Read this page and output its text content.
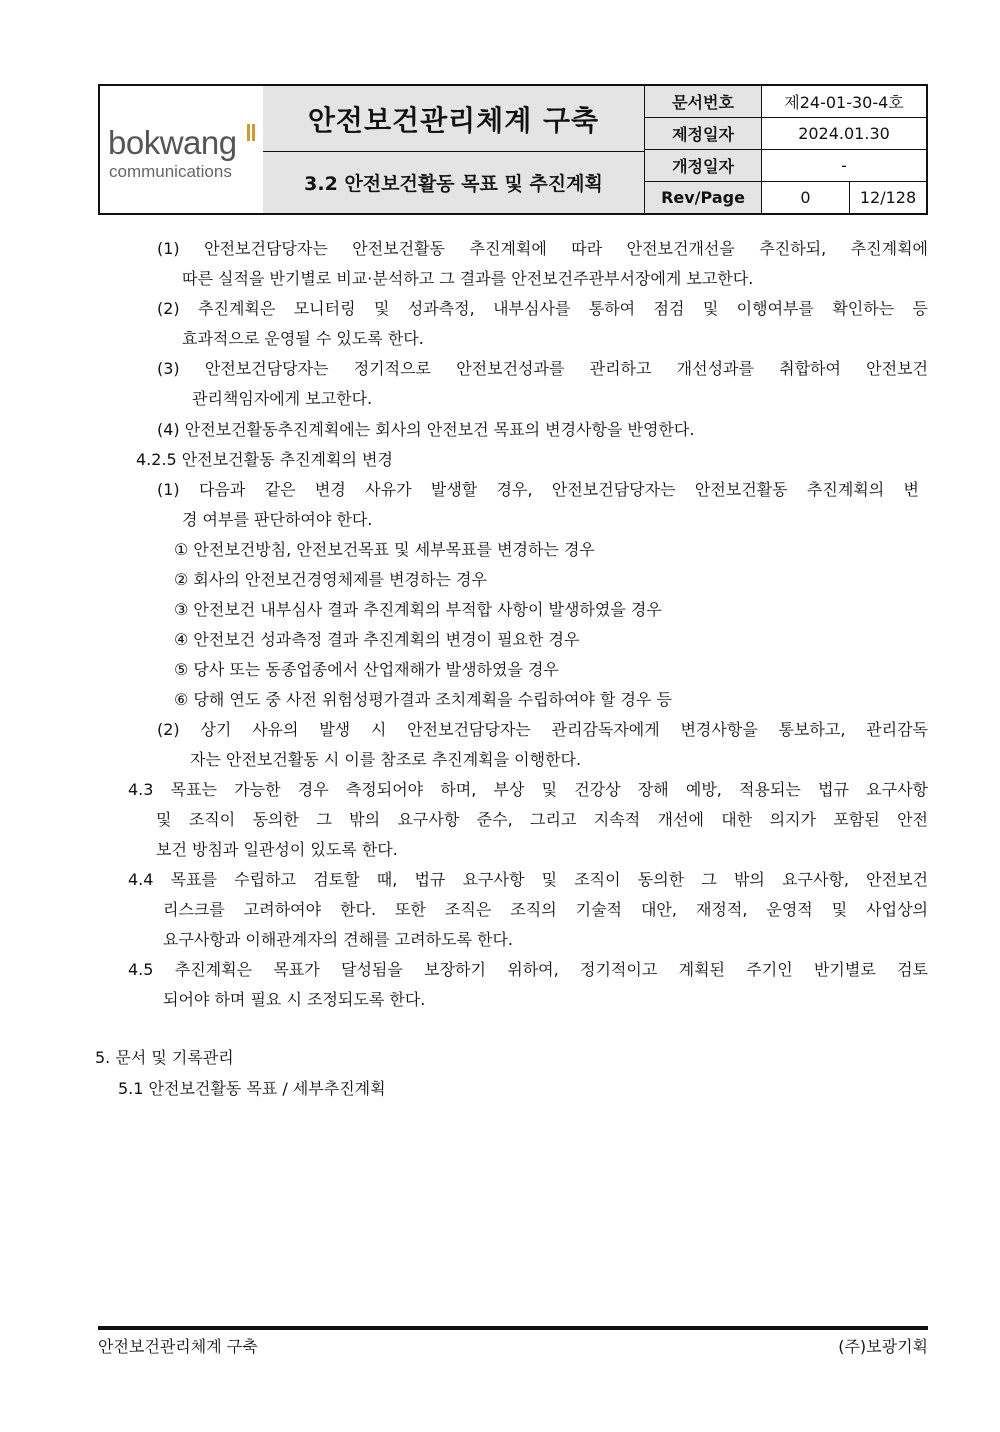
bokwang
communications
안전보건관리체계 구축
3.2 안전보건활동 목표 및 추진계획
문서번호	제24-01-30-4호
제정일자	2024.01.30
개정일자	-
Rev/Page	0	12/128
(1) 안전보건담당자는 안전보건활동 추진계획에 따라 안전보건개선을 추진하되, 추진계획에
따른 실적을 반기별로 비교·분석하고 그 결과를 안전보건주관부서장에게 보고한다.
(2) 추진계획은 모니터링 및 성과측정, 내부심사를 통하여 점검 및 이행여부를 확인하는 등
효과적으로 운영될 수 있도록 한다.
(3) 안전보건담당자는 정기적으로 안전보건성과를 관리하고 개선성과를 취합하여 안전보건
관리책임자에게 보고한다.
(4) 안전보건활동추진계획에는 회사의 안전보건 목표의 변경사항을 반영한다.
4.2.5 안전보건활동 추진계획의 변경
(1) 다음과 같은 변경 사유가 발생할 경우, 안전보건담당자는 안전보건활동 추진계획의 변
경 여부를 판단하여야 한다.
① 안전보건방침, 안전보건목표 및 세부목표를 변경하는 경우
② 회사의 안전보건경영체제를 변경하는 경우
③ 안전보건 내부심사 결과 추진계획의 부적합 사항이 발생하였을 경우
④ 안전보건 성과측정 결과 추진계획의 변경이 필요한 경우
⑤ 당사 또는 동종업종에서 산업재해가 발생하였을 경우
⑥ 당해 연도 중 사전 위험성평가결과 조치계획을 수립하여야 할 경우 등
(2) 상기 사유의 발생 시 안전보건담당자는 관리감독자에게 변경사항을 통보하고, 관리감독
자는 안전보건활동 시 이를 참조로 추진계획을 이행한다.
4.3 목표는 가능한 경우 측정되어야 하며, 부상 및 건강상 장해 예방, 적용되는 법규 요구사항
및 조직이 동의한 그 밖의 요구사항 준수, 그리고 지속적 개선에 대한 의지가 포함된 안전
보건 방침과 일관성이 있도록 한다.
4.4 목표를 수립하고 검토할 때, 법규 요구사항 및 조직이 동의한 그 밖의 요구사항, 안전보건
리스크를 고려하여야 한다. 또한 조직은 조직의 기술적 대안, 재정적, 운영적 및 사업상의
요구사항과 이해관계자의 견해를 고려하도록 한다.
4.5 추진계획은 목표가 달성됨을 보장하기 위하여, 정기적이고 계획된 주기인 반기별로 검토
되어야 하며 필요 시 조정되도록 한다.
5. 문서 및 기록관리
5.1 안전보건활동 목표 / 세부추진계획
안전보건관리체계 구축	(주)보광기획
